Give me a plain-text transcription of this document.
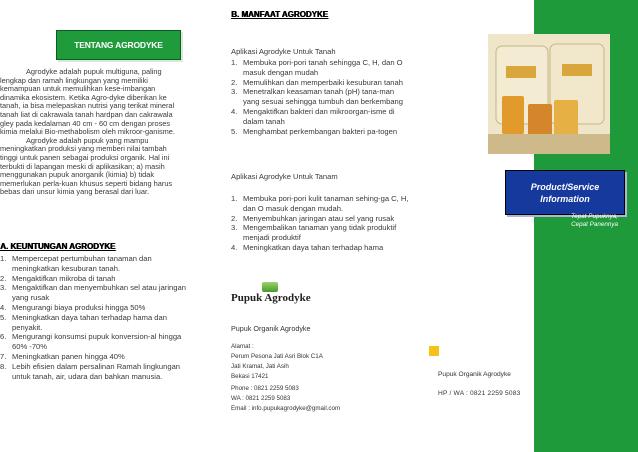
TENTANG AGRODYKE

Agrodyke adalah pupuk multiguna, paling lengkap dan ramah lingkungan yang memiliki kemampuan untuk memulihkan kese-imbangan dinamika ekosistem. Ketika Agro-dyke diberikan ke tanah, ia bisa melepaskan nutrisi yang terikat mineral tanah liat di cakrawala tanah hardpan dan cakrawala gley pada kedalaman 40 cm - 60 cm dengan proses kimia melalui Bio-methabolism oleh mikroor-ganisme.

Agrodyke adalah pupuk yang mampu meningkatkan produksi yang memberi nilai tambah tinggi untuk panen sebagai produksi organik. Hal ini terbukti di lapangan meski di aplikasikan; a) masih menggunakan pupuk anorganik (kimia) b) tidak memerlukan perla-kuan khusus seperti bidang harus bebas dari unsur kimia yang berasal dari luar.

A. KEUNTUNGAN AGRODYKE
1. Mempercepat pertumbuhan tanaman dan meningkatkan kesuburan tanah.
2. Mengaktifkan mikroba di tanah
3. Mengaktifkan dan menyembuhkan sel atau jaringan yang rusak
4. Mengurangi biaya produksi hingga 50%
5. Meningkatkan daya tahan terhadap hama dan penyakit.
6. Mengurangi konsumsi pupuk konversion-al hingga 60% -70%
7. Meningkatkan panen hingga 40%
8. Lebih efisien dalam persalinan Ramah lingkungan untuk tanah, air, udara dan bahkan manusia.
B. MANFAAT AGRODYKE
Aplikasi Agrodyke Untuk Tanah
1. Membuka pori-pori tanah sehingga C, H, dan O masuk dengan mudah
2. Memulihkan dan memperbaiki kesuburan tanah
3. Menetralkan keasaman tanah (pH) tana-man yang sesuai sehingga tumbuh dan berkembang
4. Mengaktifkan bakteri dan mikroorgan-isme di dalam tanah
5. Menghambat perkembangan bakteri pa-togen
Aplikasi Agrodyke Untuk Tanam
1. Membuka pori-pori kulit tanaman sehing-ga C, H, dan O masuk dengan mudah.
2. Menyembuhkan jaringan atau sel yang rusak
3. Mengembalikan tanaman yang tidak produktif menjadi produktif
4. Meningkatkan daya tahan terhadap hama
Pupuk Agrodyke
Pupuk Organik Agrodyke
Alamat :
Perum Pesona Jati Asri Blok C1A
Jati Kramat, Jati Asih
Bekasi 17421
Phone : 0821 2259 5083
WA : 0821 2259 5083
Email : info.pupukagrodyke@gmail.com
Product/Service
Information
Tepat Pupuknya,
Cepat Panennya
Pupuk Organik Agrodyke
HP / WA : 0821 2259 5083
